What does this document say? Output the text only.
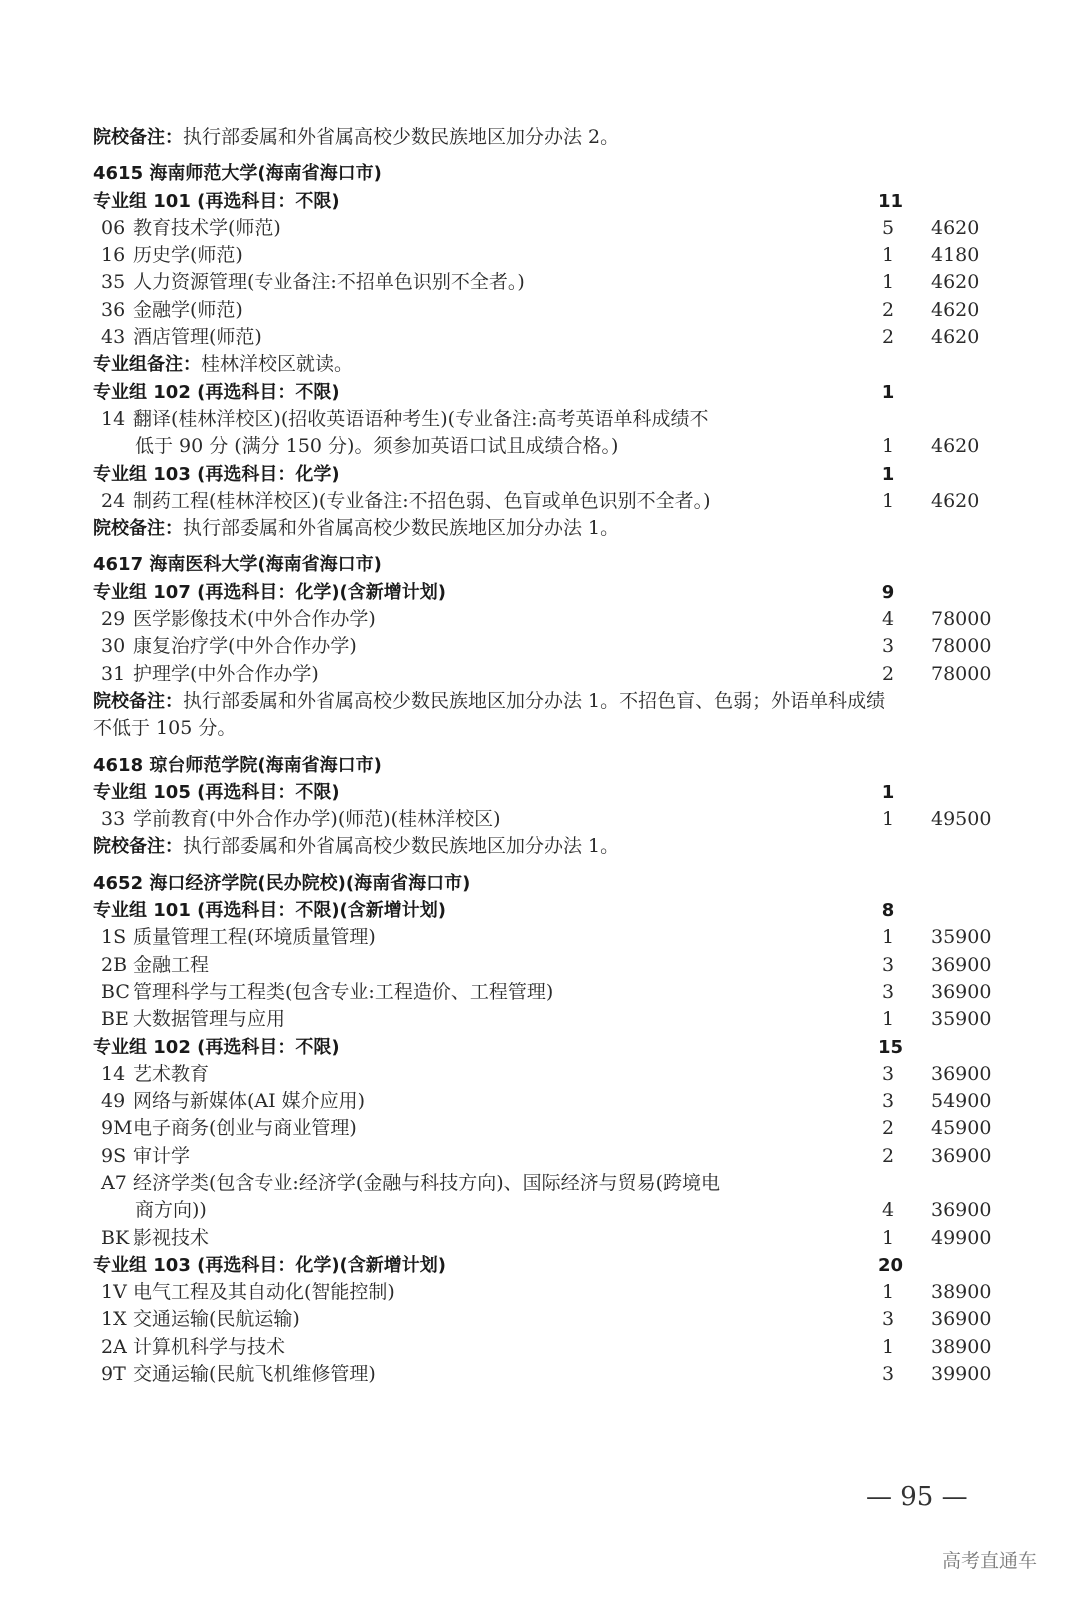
院校备注：执行部委属和外省属高校少数民族地区加分办法 2。
4615 海南师范大学(海南省海口市)
专业组 101 (再选科目：不限)	11
06 教育技术学(师范)	5 4620
16 历史学(师范)	1 4180
35 人力资源管理(专业备注:不招单色识别不全者。)	1 4620
36 金融学(师范)	2 4620
43 酒店管理(师范)	2 4620
专业组备注：桂林洋校区就读。
专业组 102 (再选科目：不限)	1
14 翻译(桂林洋校区)(招收英语语种考生)(专业备注:高考英语单科成绩不
低于 90 分 (满分 150 分)。须参加英语口试且成绩合格。)	1 4620
专业组 103 (再选科目：化学)	1
24 制药工程(桂林洋校区)(专业备注:不招色弱、色盲或单色识别不全者。)	1 4620
院校备注：执行部委属和外省属高校少数民族地区加分办法 1。
4617 海南医科大学(海南省海口市)
专业组 107 (再选科目：化学)(含新增计划)	9
29 医学影像技术(中外合作办学)	4 78000
30 康复治疗学(中外合作办学)	3 78000
31 护理学(中外合作办学)	2 78000
院校备注：执行部委属和外省属高校少数民族地区加分办法 1。不招色盲、色弱；外语单科成绩
不低于 105 分。
4618 琼台师范学院(海南省海口市)
专业组 105 (再选科目：不限)	1
33 学前教育(中外合作办学)(师范)(桂林洋校区)	1 49500
院校备注：执行部委属和外省属高校少数民族地区加分办法 1。
4652 海口经济学院(民办院校)(海南省海口市)
专业组 101 (再选科目：不限)(含新增计划)	8
1S 质量管理工程(环境质量管理)	1 35900
2B 金融工程	3 36900
BC 管理科学与工程类(包含专业:工程造价、工程管理)	3 36900
BE 大数据管理与应用	1 35900
专业组 102 (再选科目：不限)	15
14 艺术教育	3 36900
49 网络与新媒体(AI 媒介应用)	3 54900
9M电子商务(创业与商业管理)	2 45900
9S 审计学	2 36900
A7 经济学类(包含专业:经济学(金融与科技方向)、国际经济与贸易(跨境电
商方向))	4 36900
BK 影视技术	1 49900
专业组 103 (再选科目：化学)(含新增计划)	20
1V 电气工程及其自动化(智能控制)	1 38900
1X 交通运输(民航运输)	3 36900
2A 计算机科学与技术	1 38900
9T 交通运输(民航飞机维修管理)	3 39900
— 95 —
高考直通车
